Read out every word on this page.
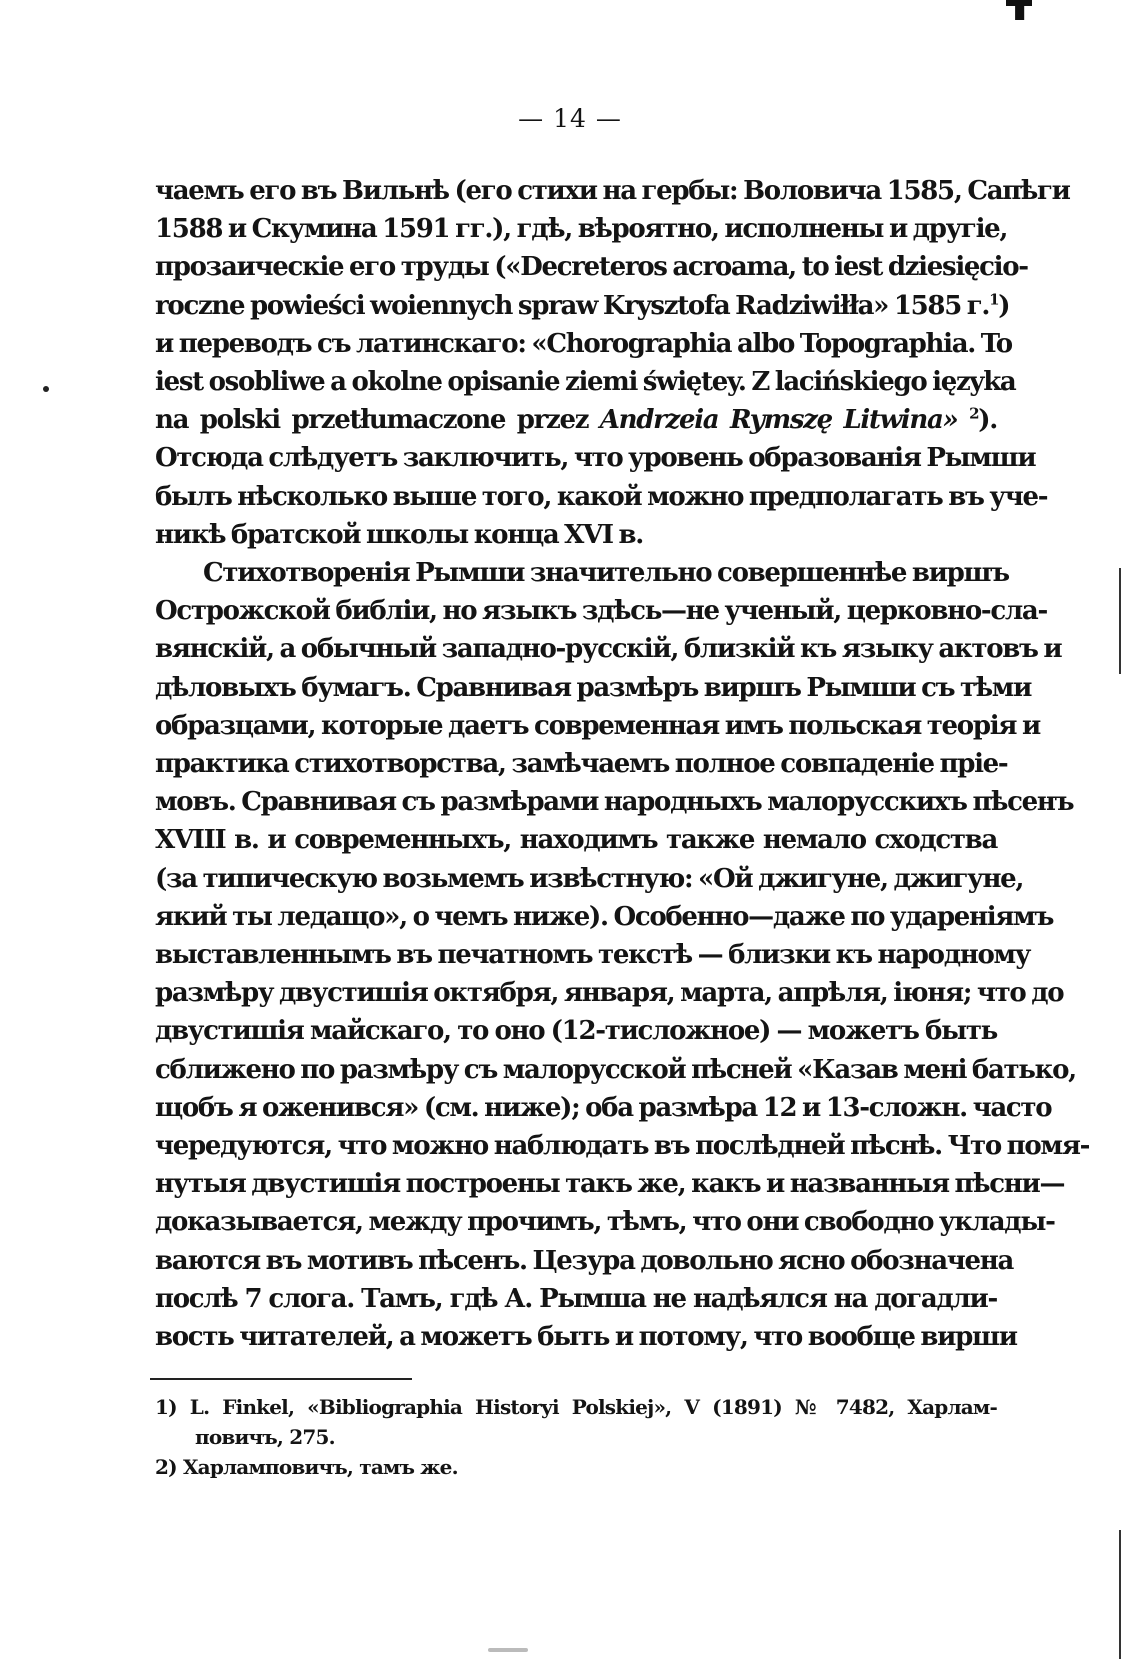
— 14 —
чаемъ его въ Вильнѣ (его стихи на гербы: Воловича 1585, Сапѣги
1588 и Скумина 1591 гг.), гдѣ, вѣроятно, исполнены и другіе,
прозаическіе его труды («Decreteros acroama, to iest dziesięcio-
roczne powieści woiennych spraw Krysztofa Radziwiłła» 1585 г.$^1$)
и переводъ съ латинскаго: «Chorographia albo Topographia. To
iest osobliwe a okolne opisanie ziemi świętey. Z lacińskiego ięzyka
na polski przetłumaczone przez Andrzeia Rymszę Litwina» $^2$).
Отсюда слѣдуетъ заключить, что уровень образованія Рымши
былъ нѣсколько выше того, какой можно предполагать въ уче-
никѣ братской школы конца XVI в.
Стихотворенія Рымши значительно совершеннѣе виршъ
Острожской библіи, но языкъ здѣсь—не ученый, церковно-сла-
вянскій, а обычный западно-русскій, близкій къ языку актовъ и
дѣловыхъ бумагъ. Сравнивая размѣръ виршъ Рымши съ тѣми
образцами, которые даетъ современная имъ польская теорія и
практика стихотворства, замѣчаемъ полное совпаденіе пріе-
мовъ. Сравнивая съ размѣрами народныхъ малорусскихъ пѣсенъ
XVIII в. и современныхъ, находимъ также немало сходства
(за типическую возьмемъ извѣстную: «Ой джигуне, джигуне,
який ты ледащо», о чемъ ниже). Особенно—даже по удареніямъ
выставленнымъ въ печатномъ текстѣ — близки къ народному
размѣру двустишія октября, января, марта, апрѣля, іюня; что до
двустишія майскаго, то оно (12-тисложное) — можетъ быть
сближено по размѣру съ малорусской пѣсней «Казав менi батько,
щобъ я оженився» (см. ниже); оба размѣра 12 и 13-сложн. часто
чередуются, что можно наблюдать въ послѣдней пѣснѣ. Что помя-
нутыя двустишія построены такъ же, какъ и названныя пѣсни—
доказывается, между прочимъ, тѣмъ, что они свободно уклады-
ваются въ мотивъ пѣсенъ. Цезура довольно ясно обозначена
послѣ 7 слога. Тамъ, гдѣ А. Рымша не надѣялся на догадли-
вость читателей, а можетъ быть и потому, что вообще вирши
1) L. Finkel, «Bibliographia Historyi Polskiej», V (1891) № 7482, Харлам-
повичъ, 275.
2) Харламповичъ, тамъ же.
